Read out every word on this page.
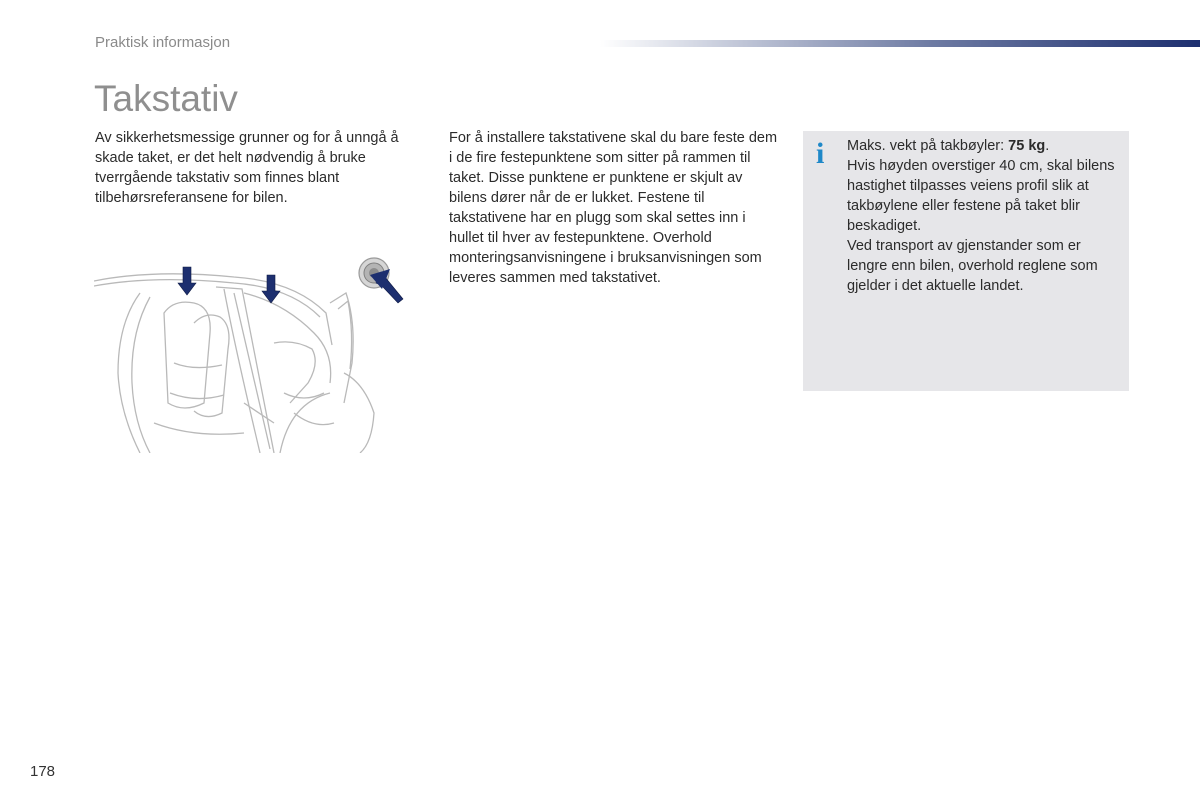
Praktisk informasjon
Takstativ
Av sikkerhetsmessige grunner og for å unngå å skade taket, er det helt nødvendig å bruke tverrgående takstativ som finnes blant tilbehørsreferansene for bilen.
For å installere takstativene skal du bare feste dem i de fire festepunktene som sitter på rammen til taket. Disse punktene er punktene er skjult av bilens dører når de er lukket. Festene til takstativene har en plugg som skal settes inn i hullet til hver av festepunktene. Overhold monteringsanvisningene i bruksanvisningen som leveres sammen med takstativet.
i Maks. vekt på takbøyler: 75 kg.
Hvis høyden overstiger 40 cm, skal bilens hastighet tilpasses veiens profil slik at takbøylene eller festene på taket blir beskadiget.
Ved transport av gjenstander som er lengre enn bilen, overhold reglene som gjelder i det aktuelle landet.
178
